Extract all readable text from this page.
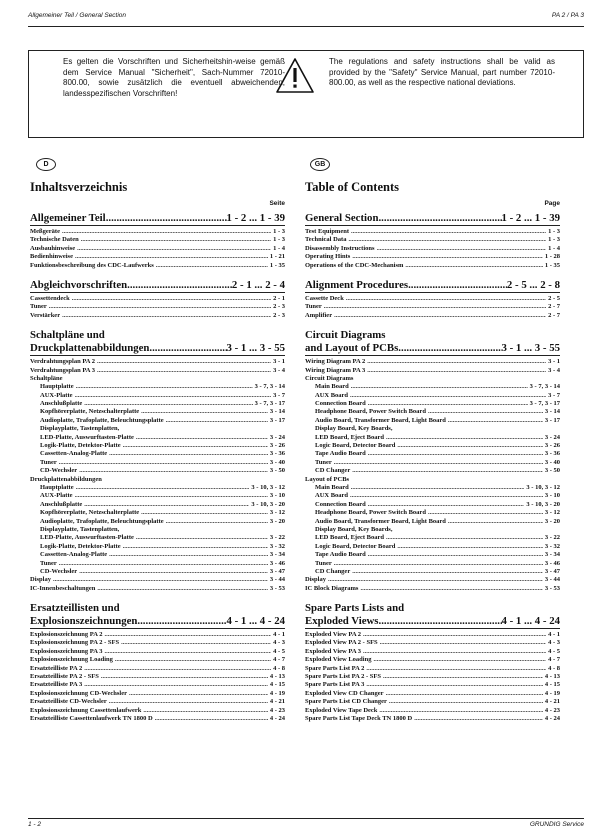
Allgemeiner Teil / General Section	PA 2 / PA 3
Es gelten die Vorschriften und Sicherheitshin-weise gemäß dem Service Manual "Sicherheit", Sach-Nummer 72010-800.00, sowie zusätzlich die eventuell abweichenden, landesspezifischen Vorschriften!
The regulations and safety instructions shall be valid as provided by the "Safety" Service Manual, part number 72010-800.00, as well as the respective national deviations.
D	GB
Inhaltsverzeichnis
Seite
Allgemeiner Teil .....	1 - 2 ... 1 - 39
Meßgeräte .....	1 - 3
Technische Daten .....	1 - 3
Ausbauhinweise .....	1 - 4
Bedienhinweise .....	1 - 21
Funktionsbeschreibung des CDC-Laufwerks .....	1 - 35
Abgleichvorschriften .....	2 - 1 ... 2 - 4
Cassettendeck .....	2 - 1
Tuner .....	2 - 3
Verstärker .....	2 - 3
Schaltpläne und
Druckplattenabbildungen .....	3 - 1 ... 3 - 55
Verdrahtungsplan PA 2 .....	3 - 1
Verdrahtungsplan PA 3 .....	3 - 4
Schaltpläne
Hauptplatte .....	3 - 7, 3 - 14
AUX-Platte .....	3 - 7
Anschlußplatte .....	3 - 7, 3 - 17
Kopfhörerplatte, Netzschalterplatte .....	3 - 14
Audioplatte, Trafoplatte, Beleuchtungsplatte .....	3 - 17
Displayplatte, Tastenplatten,
LED-Platte, Auswurftasten-Platte .....	3 - 24
Logik-Platte, Detektor-Platte .....	3 - 26
Cassetten-Analog-Platte .....	3 - 36
Tuner .....	3 - 40
CD-Wechsler .....	3 - 50
Druckplattenabbildungen
Hauptplatte .....	3 - 10, 3 - 12
AUX-Platte .....	3 - 10
Anschlußplatte .....	3 - 10, 3 - 20
Kopfhörerplatte, Netzschalterplatte .....	3 - 12
Audioplatte, Trafoplatte, Beleuchtungsplatte .....	3 - 20
Displayplatte, Tastenplatten,
LED-Platte, Auswurftasten-Platte .....	3 - 22
Logik-Platte, Detektor-Platte .....	3 - 32
Cassetten-Analog-Platte .....	3 - 34
Tuner .....	3 - 46
CD-Wechsler .....	3 - 47
Display .....	3 - 44
IC-Innenbeschaltungen .....	3 - 53
Ersatzteillisten und
Explosionszeichnungen .....	4 - 1 ... 4 - 24
Explosionszeichnung PA 2 .....	4 - 1
Explosionszeichnung PA 2 - SFS .....	4 - 3
Explosionszeichnung PA 3 .....	4 - 5
Explosionszeichnung Loading .....	4 - 7
Ersatzteilliste PA 2 .....	4 - 8
Ersatzteilliste PA 2 - SFS .....	4 - 13
Ersatzteilliste PA 3 .....	4 - 15
Explosionszeichnung CD-Wechsler .....	4 - 19
Ersatzteilliste CD-Wechsler .....	4 - 21
Explosionszeichnung Cassettenlaufwerk .....	4 - 23
Ersatzteilliste Cassettenlaufwerk TN 1800 D .....	4 - 24
Table of Contents
Page
General Section .....	1 - 2 ... 1 - 39
Test Equipment .....	1 - 3
Technical Data .....	1 - 3
Disassembly Instructions .....	1 - 4
Operating Hints .....	1 - 28
Operations of the CDC-Mechanism .....	1 - 35
Alignment Procedures .....	2 - 5 ... 2 - 8
Cassette Deck .....	2 - 5
Tuner .....	2 - 7
Amplifier .....	2 - 7
Circuit Diagrams
and Layout of PCBs .....	3 - 1 ... 3 - 55
Wiring Diagram PA 2 .....	3 - 1
Wiring Diagram PA 3 .....	3 - 4
Circuit Diagrams
Main Board .....	3 - 7, 3 - 14
AUX Board .....	3 - 7
Connection Board .....	3 - 7, 3 - 17
Headphone Board, Power Switch Board .....	3 - 14
Audio Board, Transformer Board, Light Board .....	3 - 17
Display Board, Key Boards,
LED Board, Eject Board .....	3 - 24
Logic Board, Detector Board .....	3 - 26
Tape Audio Board .....	3 - 36
Tuner .....	3 - 40
CD Changer .....	3 - 50
Layout of PCBs
Main Board .....	3 - 10, 3 - 12
AUX Board .....	3 - 10
Connection Board .....	3 - 10, 3 - 20
Headphone Board, Power Switch Board .....	3 - 12
Audio Board, Transformer Board, Light Board .....	3 - 20
Display Board, Key Boards,
LED Board, Eject Board .....	3 - 22
Logic Board, Detector Board .....	3 - 32
Tape Audio Board .....	3 - 34
Tuner .....	3 - 46
CD Changer .....	3 - 47
Display .....	3 - 44
IC Block Diagrams .....	3 - 53
Spare Parts Lists and
Exploded Views .....	4 - 1 ... 4 - 24
Exploded View PA 2 .....	4 - 1
Exploded View PA 2 - SFS .....	4 - 3
Exploded View PA 3 .....	4 - 5
Exploded View Loading .....	4 - 7
Spare Parts List PA 2 .....	4 - 8
Spare Parts List PA 2 - SFS .....	4 - 13
Spare Parts List PA 3 .....	4 - 15
Exploded View CD Changer .....	4 - 19
Spare Parts List CD Changer .....	4 - 21
Exploded View Tape Deck .....	4 - 23
Spare Parts List Tape Deck TN 1800 D .....	4 - 24
1 - 2	GRUNDIG Service
